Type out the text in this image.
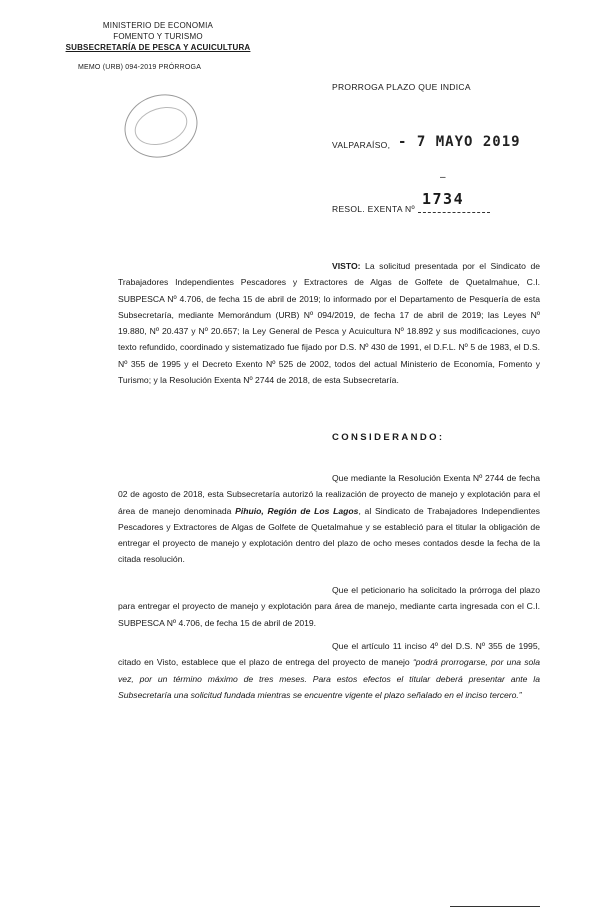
MINISTERIO DE ECONOMIA
FOMENTO Y TURISMO
SUBSECRETARÍA DE PESCA Y ACUICULTURA
MEMO (URB) 094-2019 PRÓRROGA
PRORROGA PLAZO QUE INDICA
VALPARAÍSO, - 7 MAYO 2019
–
1734
RESOL. EXENTA Nº
VISTO: La solicitud presentada por el Sindicato de Trabajadores Independientes Pescadores y Extractores de Algas de Golfete de Quetalmahue, C.I. SUBPESCA Nº 4.706, de fecha 15 de abril de 2019; lo informado por el Departamento de Pesquería de esta Subsecretaría, mediante Memorándum (URB) Nº 094/2019, de fecha 17 de abril de 2019; las Leyes Nº 19.880, Nº 20.437 y Nº 20.657; la Ley General de Pesca y Acuicultura Nº 18.892 y sus modificaciones, cuyo texto refundido, coordinado y sistematizado fue fijado por D.S. Nº 430 de 1991, el D.F.L. Nº 5 de 1983, el D.S. Nº 355 de 1995 y el Decreto Exento Nº 525 de 2002, todos del actual Ministerio de Economía, Fomento y Turismo; y la Resolución Exenta Nº 2744 de 2018, de esta Subsecretaría.
CONSIDERANDO:
Que mediante la Resolución Exenta Nº 2744 de fecha 02 de agosto de 2018, esta Subsecretaría autorizó la realización de proyecto de manejo y explotación para el área de manejo denominada Pihuio, Región de Los Lagos, al Sindicato de Trabajadores Independientes Pescadores y Extractores de Algas de Golfete de Quetalmahue y se estableció para el titular la obligación de entregar el proyecto de manejo y explotación dentro del plazo de ocho meses contados desde la fecha de la citada resolución.
Que el peticionario ha solicitado la prórroga del plazo para entregar el proyecto de manejo y explotación para área de manejo, mediante carta ingresada con el C.I. SUBPESCA Nº 4.706, de fecha 15 de abril de 2019.
Que el artículo 11 inciso 4º del D.S. Nº 355 de 1995, citado en Visto, establece que el plazo de entrega del proyecto de manejo “podrá prorrogarse, por una sola vez, por un término máximo de tres meses. Para estos efectos el titular deberá presentar ante la Subsecretaría una solicitud fundada mientras se encuentre vigente el plazo señalado en el inciso tercero.”
